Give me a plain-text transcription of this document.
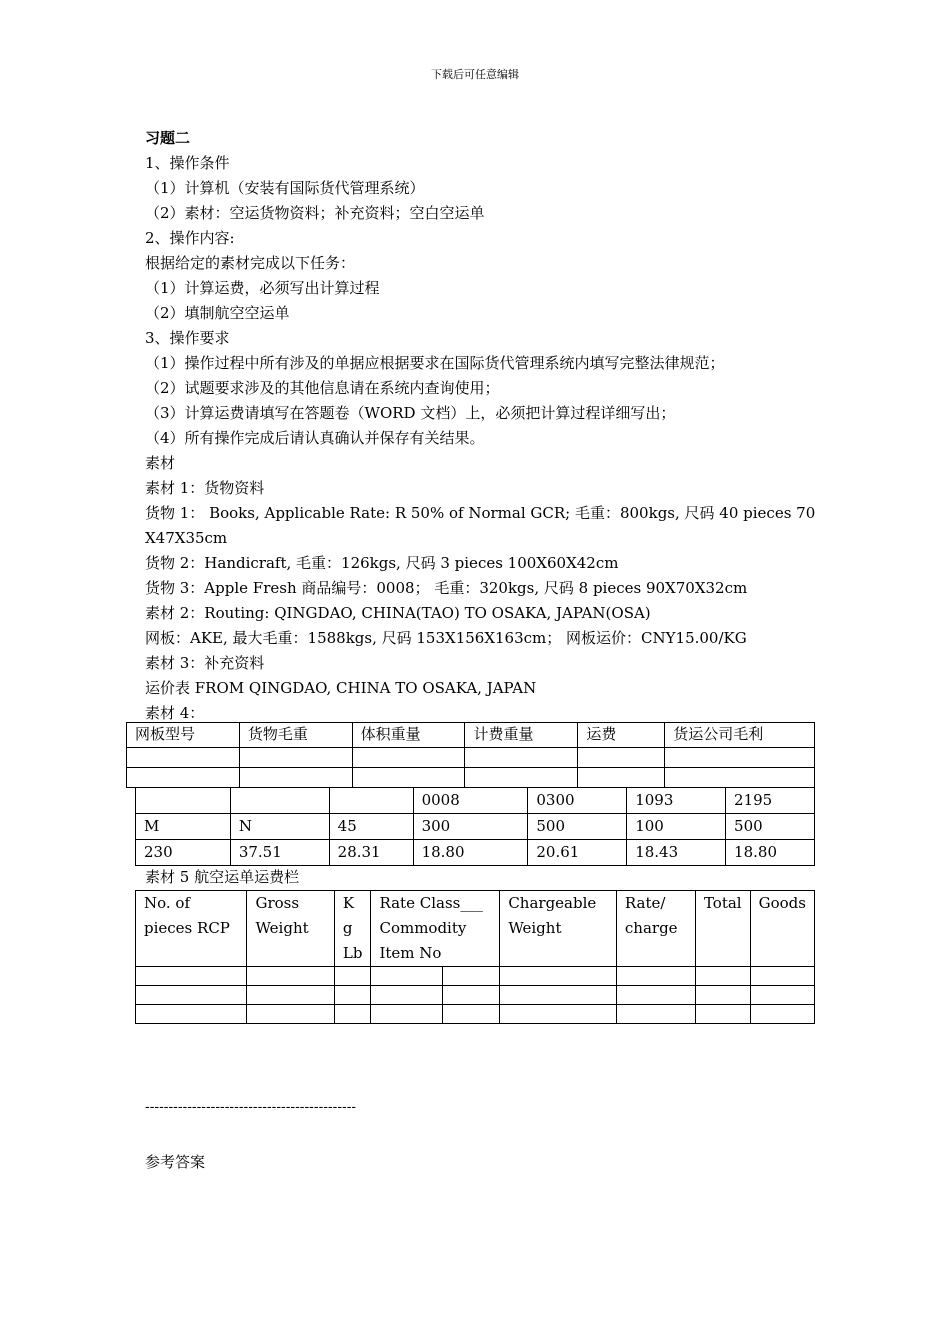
下载后可任意编辑
习题二
1、操作条件
（1）计算机（安装有国际货代管理系统）
（2）素材：空运货物资料；补充资料；空白空运单
2、操作内容:
根据给定的素材完成以下任务：
（1）计算运费，必须写出计算过程
（2）填制航空空运单
3、操作要求
（1）操作过程中所有涉及的单据应根据要求在国际货代管理系统内填写完整法律规范；
（2）试题要求涉及的其他信息请在系统内查询使用；
（3）计算运费请填写在答题卷（WORD 文档）上，必须把计算过程详细写出；
（4）所有操作完成后请认真确认并保存有关结果。
素材
素材 1：货物资料
货物 1： Books, Applicable Rate: R 50% of Normal GCR; 毛重：800kgs, 尺码 40 pieces 70
X47X35cm
货物 2：Handicraft, 毛重：126kgs, 尺码 3 pieces 100X60X42cm
货物 3：Apple Fresh 商品编号：0008； 毛重：320kgs, 尺码 8 pieces 90X70X32cm
素材 2：Routing: QINGDAO, CHINA(TAO) TO OSAKA, JAPAN(OSA)
网板：AKE, 最大毛重：1588kgs, 尺码 153X156X163cm； 网板运价：CNY15.00/KG
素材 3：补充资料
运价表 FROM QINGDAO, CHINA TO OSAKA, JAPAN
素材 4：
网板型号	货物毛重	体积重量	计费重量	运费	货运公司毛利

			0008	0300	1093	2195
M	N	45	300	500	100	500
230	37.51	28.31	18.80	20.61	18.43	18.80
素材 5 航空运单运费栏
No. of pieces RCP	Gross Weight	K g Lb	Rate Class___ Commodity Item No		Chargeable Weight	Rate/ charge	Total	Goods

---------------------------------------------
参考答案
